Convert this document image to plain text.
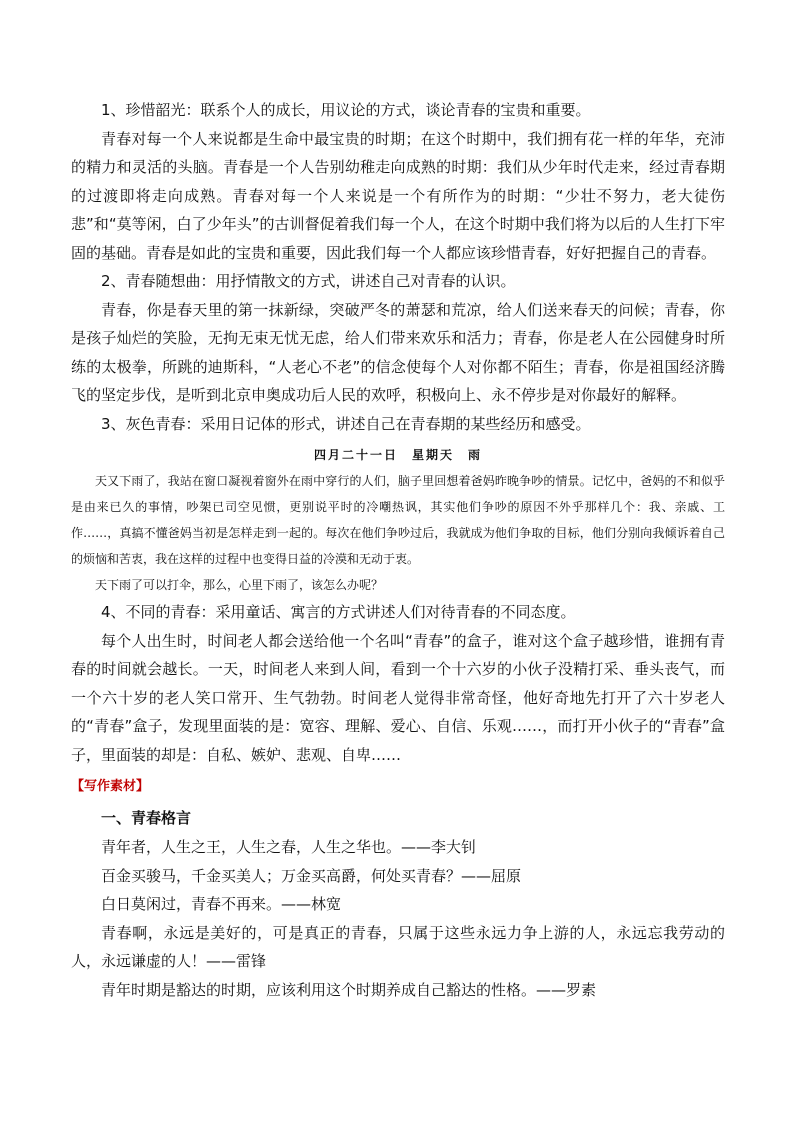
1、珍惜韶光：联系个人的成长，用议论的方式，谈论青春的宝贵和重要。

青春对每一个人来说都是生命中最宝贵的时期；在这个时期中，我们拥有花一样的年华，充沛的精力和灵活的头脑。青春是一个人告别幼稚走向成熟的时期：我们从少年时代走来，经过青春期的过渡即将走向成熟。青春对每一个人来说是一个有所作为的时期：“少壮不努力，老大徒伤悲”和“莫等闲，白了少年头”的古训督促着我们每一个人，在这个时期中我们将为以后的人生打下牢固的基础。青春是如此的宝贵和重要，因此我们每一个人都应该珍惜青春，好好把握自己的青春。

2、青春随想曲：用抒情散文的方式，讲述自己对青春的认识。

青春，你是春天里的第一抹新绿，突破严冬的萧瑟和荒凉，给人们送来春天的问候；青春，你是孩子灿烂的笑脸，无拘无束无忧无虑，给人们带来欢乐和活力；青春，你是老人在公园健身时所练的太极拳，所跳的迪斯科，“人老心不老”的信念使每个人对你都不陌生；青春，你是祖国经济腾飞的坚定步伐，是听到北京申奥成功后人民的欢呼，积极向上、永不停步是对你最好的解释。

3、灰色青春：采用日记体的形式，讲述自己在青春期的某些经历和感受。

四月二十一日　星期天　雨

天又下雨了，我站在窗口凝视着窗外在雨中穿行的人们，脑子里回想着爸妈昨晚争吵的情景。记忆中，爸妈的不和似乎是由来已久的事情，吵架已司空见惯，更别说平时的冷嘲热讽，其实他们争吵的原因不外乎那样几个：我、亲戚、工作……，真搞不懂爸妈当初是怎样走到一起的。每次在他们争吵过后，我就成为他们争取的目标，他们分别向我倾诉着自己的烦恼和苦衷，我在这样的过程中也变得日益的冷漠和无动于衷。

天下雨了可以打伞，那么，心里下雨了，该怎么办呢？

4、不同的青春：采用童话、寓言的方式讲述人们对待青春的不同态度。

每个人出生时，时间老人都会送给他一个名叫“青春”的盒子，谁对这个盒子越珍惜，谁拥有青春的时间就会越长。一天，时间老人来到人间，看到一个十六岁的小伙子没精打采、垂头丧气，而一个六十岁的老人笑口常开、生气勃勃。时间老人觉得非常奇怪，他好奇地先打开了六十岁老人的“青春”盒子，发现里面装的是：宽容、理解、爱心、自信、乐观……，而打开小伙子的“青春”盒子，里面装的却是：自私、嫉妒、悲观、自卑……

【写作素材】

一、青春格言

青年者，人生之王，人生之春，人生之华也。——李大钊

百金买骏马，千金买美人；万金买高爵，何处买青春？——屈原

白日莫闲过，青春不再来。——林宽

青春啊，永远是美好的，可是真正的青春，只属于这些永远力争上游的人，永远忘我劳动的人，永远谦虚的人！——雷锋

青年时期是豁达的时期，应该利用这个时期养成自己豁达的性格。——罗素
